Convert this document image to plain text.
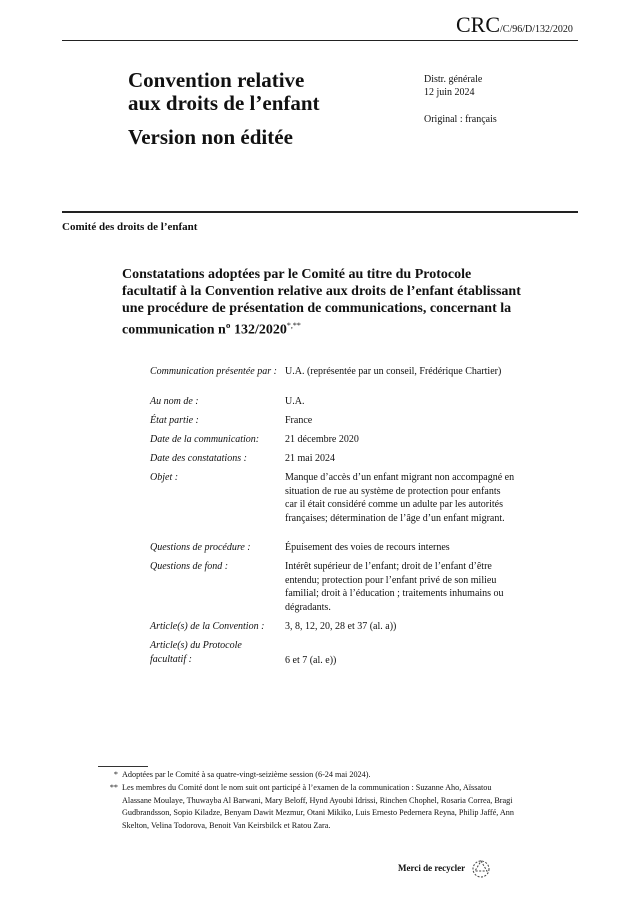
CRC/C/96/D/132/2020
Convention relative
aux droits de l’enfant
Version non éditée
Distr. générale
12 juin 2024
Original : français
Comité des droits de l’enfant
Constatations adoptées par le Comité au titre du Protocole facultatif à la Convention relative aux droits de l’enfant établissant une procédure de présentation de communications, concernant la communication nº 132/2020*,**
Communication présentée par : U.A. (représentée par un conseil, Frédérique Chartier)
Au nom de :	U.A.
État partie :	France
Date de la communication:	21 décembre 2020
Date des constatations :	21 mai 2024
Objet :	Manque d’accès d’un enfant migrant non accompagné en situation de rue au système de protection pour enfants car il était considéré comme un adulte par les autorités françaises; détermination de l’âge d’un enfant migrant.
Questions de procédure :	Épuisement des voies de recours internes
Questions de fond :	Intérêt supérieur de l’enfant; droit de l’enfant d’être entendu; protection pour l’enfant privé de son milieu familial; droit à l’éducation ; traitements inhumains ou dégradants.
Article(s) de la Convention :	3, 8, 12, 20, 28 et 37 (al. a))
Article(s) du Protocole facultatif :	6 et 7 (al. e))
* Adoptées par le Comité à sa quatre-vingt-seizième session (6-24 mai 2024).
** Les membres du Comité dont le nom suit ont participé à l’examen de la communication : Suzanne Aho, Aïssatou Alassane Moulaye, Thuwayba Al Barwani, Mary Beloff, Hynd Ayoubi Idrissi, Rinchen Chophel, Rosaria Correa, Bragi Gudbrandsson, Sopio Kiladze, Benyam Dawit Mezmur, Otani Mikiko, Luis Ernesto Pedernera Reyna, Philip Jaffé, Ann Skelton, Velina Todorova, Benoit Van Keirsbilck et Ratou Zara.
Merci de recycler
